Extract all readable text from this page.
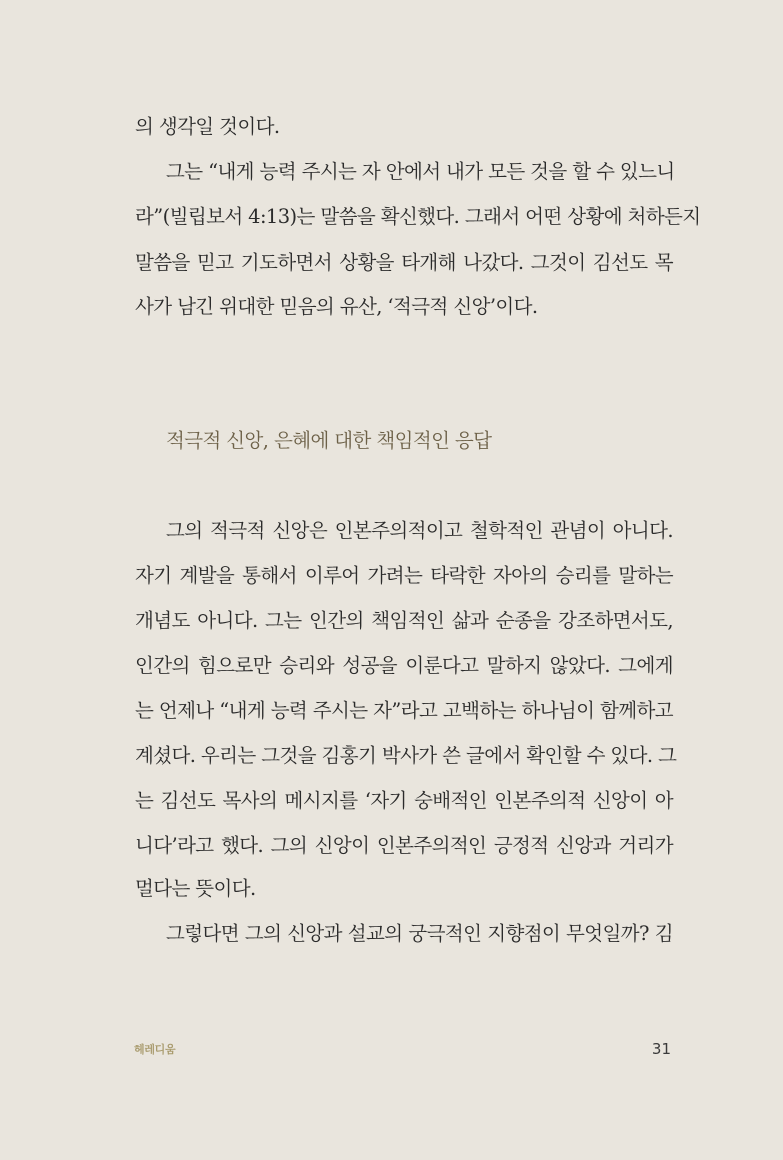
의 생각일 것이다.
그는 “내게 능력 주시는 자 안에서 내가 모든 것을 할 수 있느니
라”(빌립보서 4:13)는 말씀을 확신했다. 그래서 어떤 상황에 처하든지
말씀을 믿고 기도하면서 상황을 타개해 나갔다. 그것이 김선도 목
사가 남긴 위대한 믿음의 유산, ‘적극적 신앙’이다.
적극적 신앙, 은혜에 대한 책임적인 응답
그의 적극적 신앙은 인본주의적이고 철학적인 관념이 아니다.
자기 계발을 통해서 이루어 가려는 타락한 자아의 승리를 말하는
개념도 아니다. 그는 인간의 책임적인 삶과 순종을 강조하면서도,
인간의 힘으로만 승리와 성공을 이룬다고 말하지 않았다. 그에게
는 언제나 “내게 능력 주시는 자”라고 고백하는 하나님이 함께하고
계셨다. 우리는 그것을 김홍기 박사가 쓴 글에서 확인할 수 있다. 그
는 김선도 목사의 메시지를 ‘자기 숭배적인 인본주의적 신앙이 아
니다’라고 했다. 그의 신앙이 인본주의적인 긍정적 신앙과 거리가
멀다는 뜻이다.
그렇다면 그의 신앙과 설교의 궁극적인 지향점이 무엇일까? 김
헤레디움	31
